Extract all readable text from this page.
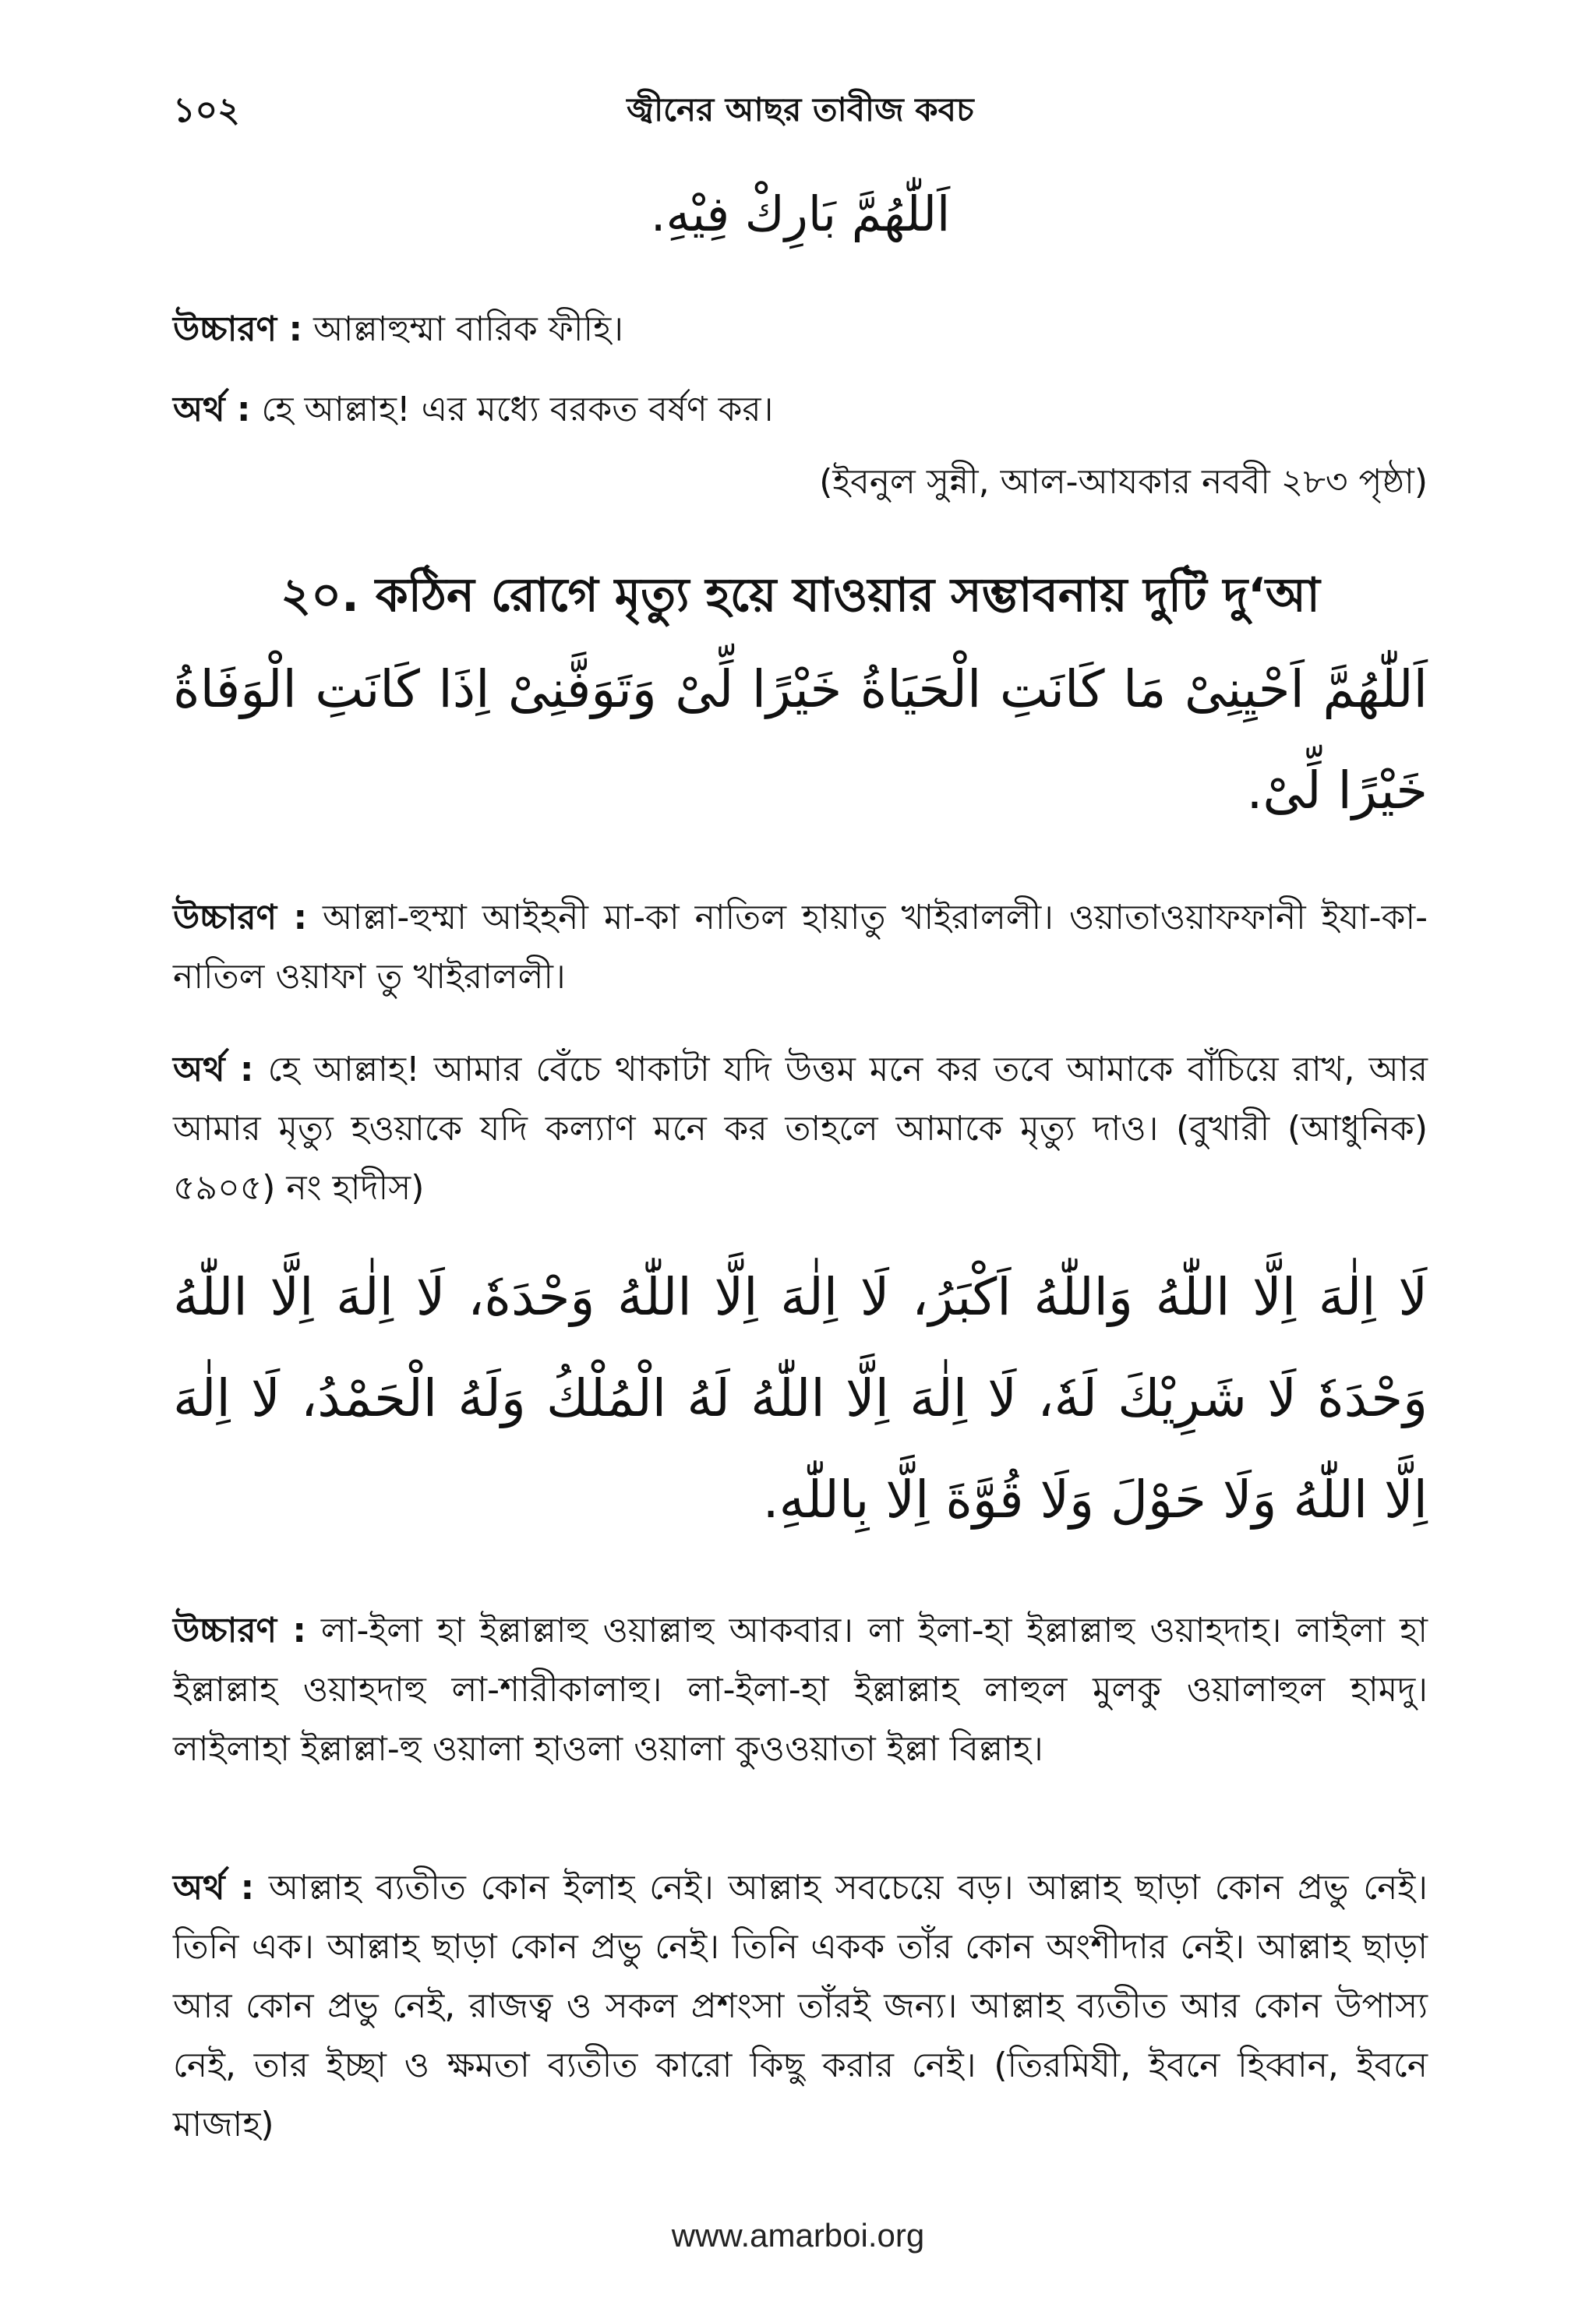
১০২	জ্বীনের আছর তাবীজ কবচ
اَللّٰهُمَّ بَارِكْ فِيْهِ.
উচ্চারণ : আল্লাহুম্মা বারিক ফীহি।
অর্থ : হে আল্লাহ! এর মধ্যে বরকত বর্ষণ কর।
(ইবনুল সুন্নী, আল-আযকার নববী ২৮৩ পৃষ্ঠা)
২০. কঠিন রোগে মৃত্যু হয়ে যাওয়ার সম্ভাবনায় দুটি দু‘আ
اَللّٰهُمَّ اَحْيِنِىْ مَا كَانَتِ الْحَيَاةُ خَيْرًا لِّىْ وَتَوَفَّنِىْ اِذَا كَانَتِ الْوَفَاةُ خَيْرًا لِّىْ.
উচ্চারণ : আল্লা-হুম্মা আইহনী মা-কা নাতিল হায়াতু খাইরাললী। ওয়াতাওয়াফফানী ইযা-কা-নাতিল ওয়াফা তু খাইরাললী।
অর্থ : হে আল্লাহ! আমার বেঁচে থাকাটা যদি উত্তম মনে কর তবে আমাকে বাঁচিয়ে রাখ, আর আমার মৃত্যু হওয়াকে যদি কল্যাণ মনে কর তাহলে আমাকে মৃত্যু দাও। (বুখারী (আধুনিক) ৫৯০৫) নং হাদীস)
لَا اِلٰهَ اِلَّا اللّٰهُ وَاللّٰهُ اَكْبَرُ، لَا اِلٰهَ اِلَّا اللّٰهُ وَحْدَهٗ، لَا اِلٰهَ اِلَّا اللّٰهُ وَحْدَهٗ لَا شَرِيْكَ لَهٗ، لَا اِلٰهَ اِلَّا اللّٰهُ لَهُ الْمُلْكُ وَلَهُ الْحَمْدُ، لَا اِلٰهَ اِلَّا اللّٰهُ وَلَا حَوْلَ وَلَا قُوَّةَ اِلَّا بِاللّٰهِ.
উচ্চারণ : লা-ইলা হা ইল্লাল্লাহু ওয়াল্লাহু আকবার। লা ইলা-হা ইল্লাল্লাহু ওয়াহদাহ। লাইলা হা ইল্লাল্লাহ ওয়াহদাহু লা-শারীকালাহু। লা-ইলা-হা ইল্লাল্লাহ লাহুল মুলকু ওয়ালাহুল হামদু। লাইলাহা ইল্লাল্লা-হু ওয়ালা হাওলা ওয়ালা কুওওয়াতা ইল্লা বিল্লাহ।
অর্থ : আল্লাহ ব্যতীত কোন ইলাহ নেই। আল্লাহ সবচেয়ে বড়। আল্লাহ ছাড়া কোন প্রভু নেই। তিনি এক। আল্লাহ ছাড়া কোন প্রভু নেই। তিনি একক তাঁর কোন অংশীদার নেই। আল্লাহ ছাড়া আর কোন প্রভু নেই, রাজত্ব ও সকল প্রশংসা তাঁরই জন্য। আল্লাহ ব্যতীত আর কোন উপাস্য নেই, তার ইচ্ছা ও ক্ষমতা ব্যতীত কারো কিছু করার নেই। (তিরমিযী, ইবনে হিব্বান, ইবনে মাজাহ)
www.amarboi.org
